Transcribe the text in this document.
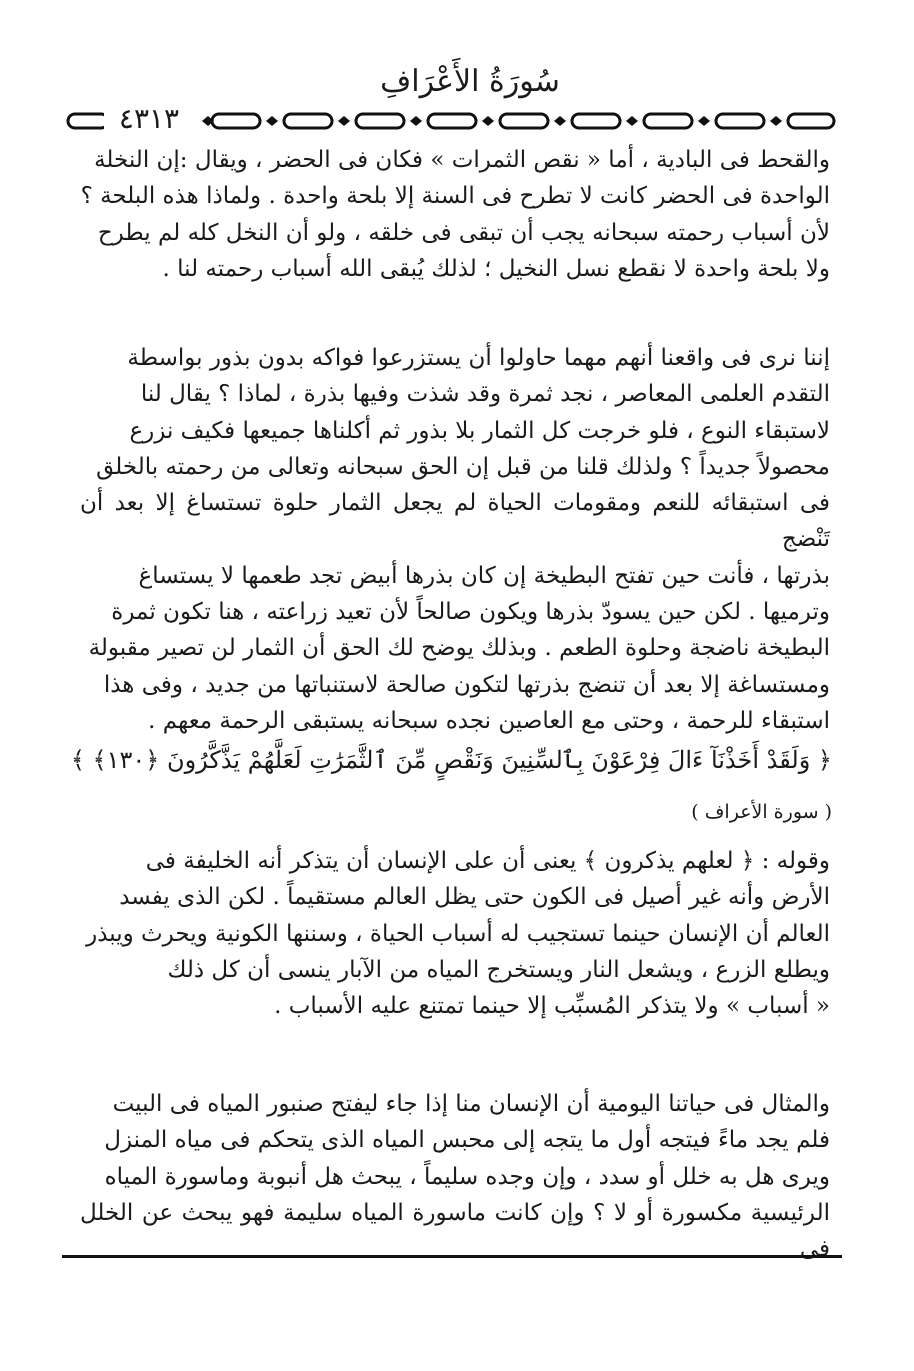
سُورَةُ الأَعْرَافِ
٤٣١٣

والقحط فى البادية ، أما « نقص الثمرات » فكان فى الحضر ، ويقال :إن النخلة

الواحدة فى الحضر كانت لا تطرح فى السنة إلا بلحة واحدة . ولماذا هذه البلحة ؟

لأن أسباب رحمته سبحانه يجب أن تبقى فى خلقه ، ولو أن النخل كله لم يطرح

ولا بلحة واحدة لا نقطع نسل النخيل ؛ لذلك يُبقى الله أسباب رحمته لنا .

إننا نرى فى واقعنا أنهم مهما حاولوا أن يستزرعوا فواكه بدون بذور بواسطة

التقدم العلمى المعاصر ، نجد ثمرة وقد شذت وفيها بذرة ، لماذا ؟ يقال لنا

لاستبقاء النوع ، فلو خرجت كل الثمار بلا بذور ثم أكلناها جميعها فكيف نزرع

محصولاً جديداً ؟ ولذلك قلنا من قبل إن الحق سبحانه وتعالى من رحمته بالخلق

فى استبقائه للنعم ومقومات الحياة لم يجعل الثمار حلوة تستساغ إلا بعد أن تَنْضج

بذرتها ، فأنت حين تفتح البطيخة إن كان بذرها أبيض تجد طعمها لا يستساغ

وترميها . لكن حين يسودّ بذرها ويكون صالحاً لأن تعيد زراعته ، هنا تكون ثمرة

البطيخة ناضجة وحلوة الطعم . وبذلك يوضح لك الحق أن الثمار لن تصير مقبولة

ومستساغة إلا بعد أن تنضج بذرتها لتكون صالحة لاستنباتها من جديد ، وفى هذا

استبقاء للرحمة ، وحتى مع العاصين نجده سبحانه يستبقى الرحمة معهم .

﴿ وَلَقَدْ أَخَذْنَآ ءَالَ فِرْعَوْنَ بِٱلسِّنِينَ وَنَقْصٍ مِّنَ ٱلثَّمَرَٰتِ لَعَلَّهُمْ يَذَّكَّرُونَ ﴿١٣٠﴾ ﴾
( سورة الأعراف )

وقوله : ﴿ لعلهم يذكرون ﴾ يعنى أن على الإنسان أن يتذكر أنه الخليفة فى

الأرض وأنه غير أصيل فى الكون حتى يظل العالم مستقيماً . لكن الذى يفسد

العالم أن الإنسان حينما تستجيب له أسباب الحياة ، وسننها الكونية ويحرث ويبذر

ويطلع الزرع ، ويشعل النار ويستخرج المياه من الآبار ينسى أن كل ذلك

« أسباب » ولا يتذكر المُسبِّب إلا حينما تمتنع عليه الأسباب .

والمثال فى حياتنا اليومية أن الإنسان منا إذا جاء ليفتح صنبور المياه فى البيت

فلم يجد ماءً فيتجه أول ما يتجه إلى محبس المياه الذى يتحكم فى مياه المنزل

ويرى هل به خلل أو سدد ، وإن وجده سليماً ، يبحث هل أنبوبة وماسورة المياه

الرئيسية مكسورة أو لا ؟ وإن كانت ماسورة المياه سليمة فهو يبحث عن الخلل فى
